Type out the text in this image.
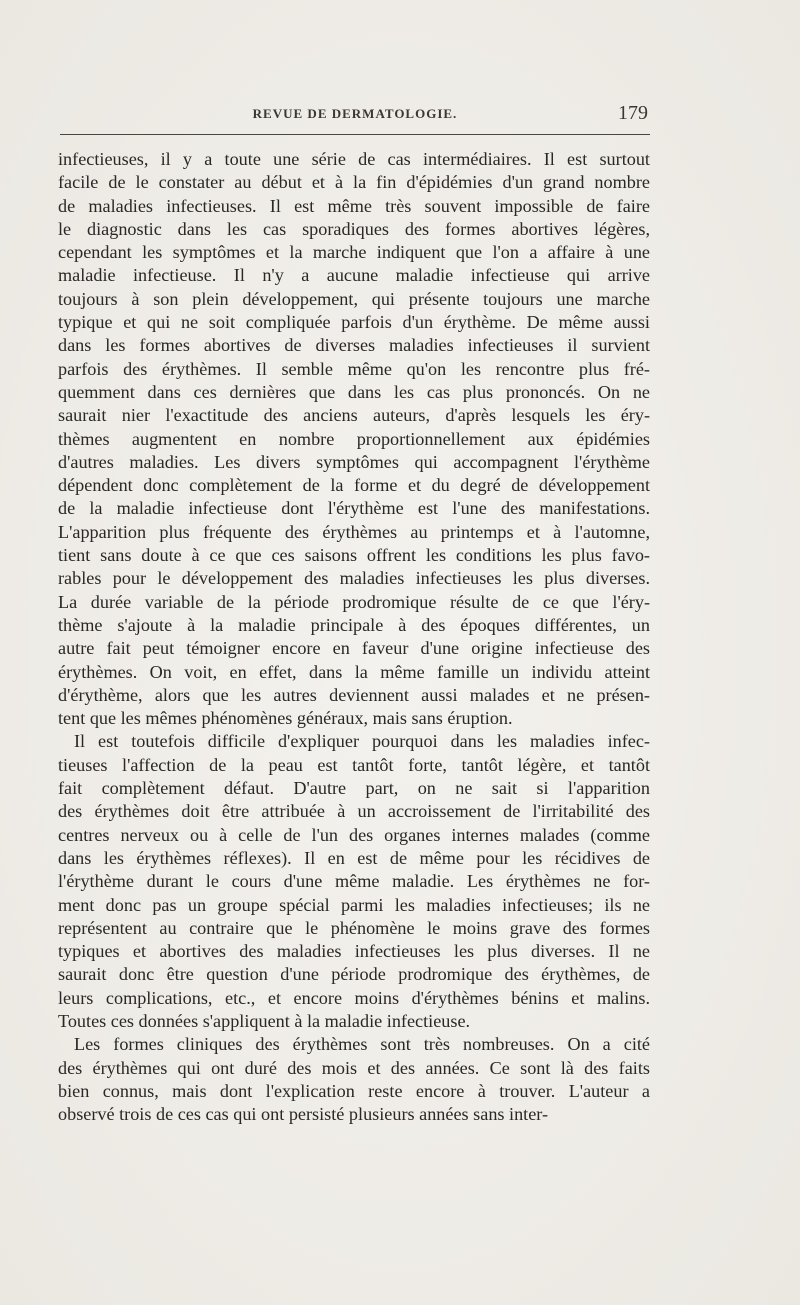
REVUE DE DERMATOLOGIE.	179
infectieuses, il y a toute une série de cas intermédiaires. Il est surtout
facile de le constater au début et à la fin d'épidémies d'un grand nombre
de maladies infectieuses. Il est même très souvent impossible de faire
le diagnostic dans les cas sporadiques des formes abortives légères,
cependant les symptômes et la marche indiquent que l'on a affaire à une
maladie infectieuse. Il n'y a aucune maladie infectieuse qui arrive
toujours à son plein développement, qui présente toujours une marche
typique et qui ne soit compliquée parfois d'un érythème. De même aussi
dans les formes abortives de diverses maladies infectieuses il survient
parfois des érythèmes. Il semble même qu'on les rencontre plus fré-
quemment dans ces dernières que dans les cas plus prononcés. On ne
saurait nier l'exactitude des anciens auteurs, d'après lesquels les éry-
thèmes augmentent en nombre proportionnellement aux épidémies
d'autres maladies. Les divers symptômes qui accompagnent l'érythème
dépendent donc complètement de la forme et du degré de développement
de la maladie infectieuse dont l'érythème est l'une des manifestations.
L'apparition plus fréquente des érythèmes au printemps et à l'automne,
tient sans doute à ce que ces saisons offrent les conditions les plus favo-
rables pour le développement des maladies infectieuses les plus diverses.
La durée variable de la période prodromique résulte de ce que l'éry-
thème s'ajoute à la maladie principale à des époques différentes, un
autre fait peut témoigner encore en faveur d'une origine infectieuse des
érythèmes. On voit, en effet, dans la même famille un individu atteint
d'érythème, alors que les autres deviennent aussi malades et ne présen-
tent que les mêmes phénomènes généraux, mais sans éruption.
Il est toutefois difficile d'expliquer pourquoi dans les maladies infec-
tieuses l'affection de la peau est tantôt forte, tantôt légère, et tantôt
fait complètement défaut. D'autre part, on ne sait si l'apparition
des érythèmes doit être attribuée à un accroissement de l'irritabilité des
centres nerveux ou à celle de l'un des organes internes malades (comme
dans les érythèmes réflexes). Il en est de même pour les récidives de
l'érythème durant le cours d'une même maladie. Les érythèmes ne for-
ment donc pas un groupe spécial parmi les maladies infectieuses; ils ne
représentent au contraire que le phénomène le moins grave des formes
typiques et abortives des maladies infectieuses les plus diverses. Il ne
saurait donc être question d'une période prodromique des érythèmes, de
leurs complications, etc., et encore moins d'érythèmes bénins et malins.
Toutes ces données s'appliquent à la maladie infectieuse.
Les formes cliniques des érythèmes sont très nombreuses. On a cité
des érythèmes qui ont duré des mois et des années. Ce sont là des faits
bien connus, mais dont l'explication reste encore à trouver. L'auteur a
observé trois de ces cas qui ont persisté plusieurs années sans inter-
